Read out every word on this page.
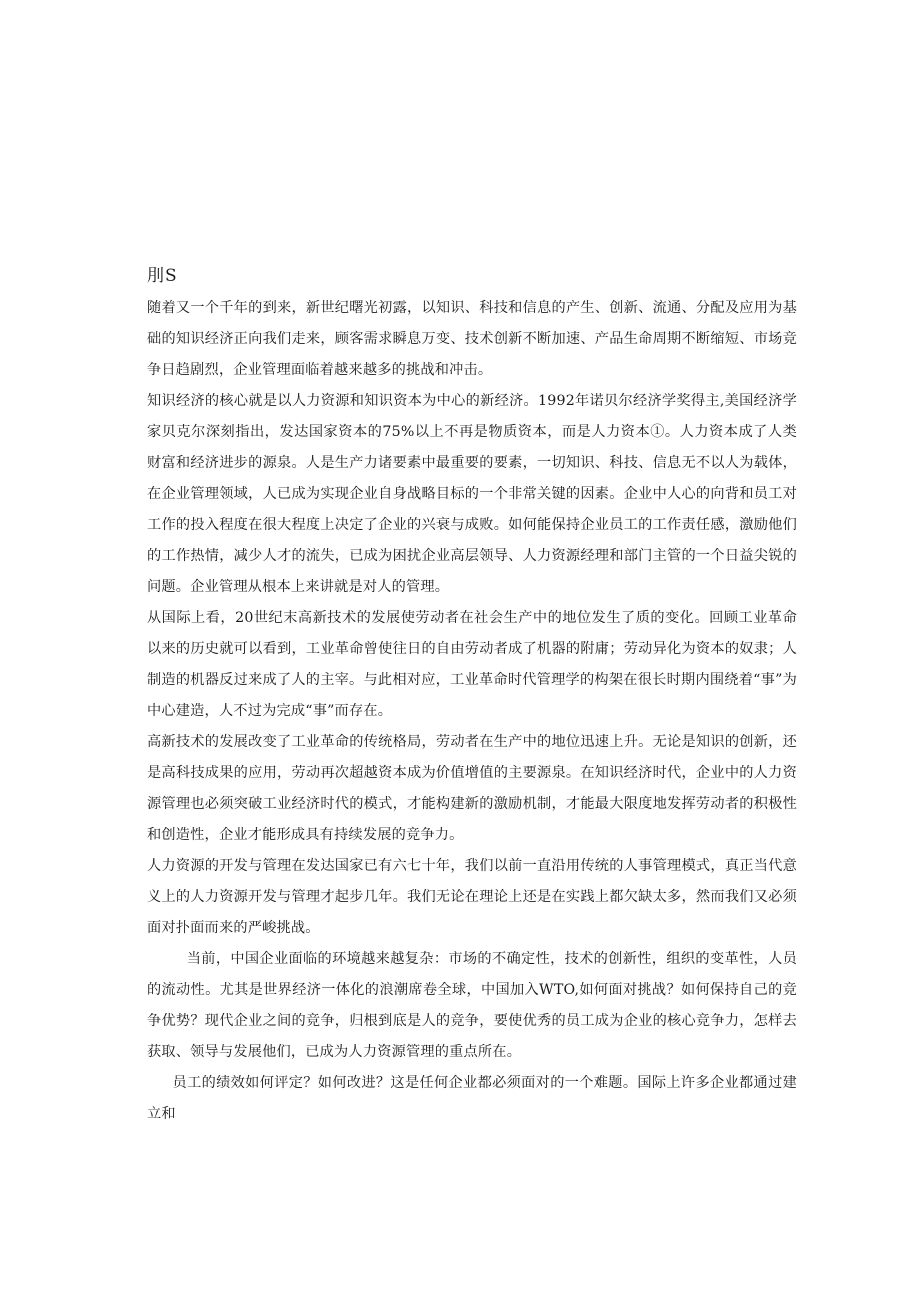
刖S

随着又一个千年的到来，新世纪曙光初露，以知识、科技和信息的产生、创新、流通、分配及应用为基础的知识经济正向我们走来，顾客需求瞬息万变、技术创新不断加速、产品生命周期不断缩短、市场竞争日趋剧烈，企业管理面临着越来越多的挑战和冲击。

知识经济的核心就是以人力资源和知识资本为中心的新经济。1992年诺贝尔经济学奖得主,美国经济学家贝克尔深刻指出，发达国家资本的75%以上不再是物质资本，而是人力资本①。人力资本成了人类财富和经济进步的源泉。人是生产力诸要素中最重要的要素，一切知识、科技、信息无不以人为载体，在企业管理领域，人已成为实现企业自身战略目标的一个非常关键的因素。企业中人心的向背和员工对工作的投入程度在很大程度上决定了企业的兴衰与成败。如何能保持企业员工的工作责任感，激励他们的工作热情，减少人才的流失，已成为困扰企业高层领导、人力资源经理和部门主管的一个日益尖锐的问题。企业管理从根本上来讲就是对人的管理。

从国际上看，20世纪末高新技术的发展使劳动者在社会生产中的地位发生了质的变化。回顾工业革命以来的历史就可以看到，工业革命曾使往日的自由劳动者成了机器的附庸；劳动异化为资本的奴隶；人制造的机器反过来成了人的主宰。与此相对应，工业革命时代管理学的构架在很长时期内围绕着“事”为中心建造，人不过为完成“事”而存在。

高新技术的发展改变了工业革命的传统格局，劳动者在生产中的地位迅速上升。无论是知识的创新，还是高科技成果的应用，劳动再次超越资本成为价值增值的主要源泉。在知识经济时代，企业中的人力资源管理也必须突破工业经济时代的模式，才能构建新的激励机制，才能最大限度地发挥劳动者的积极性和创造性，企业才能形成具有持续发展的竞争力。

人力资源的开发与管理在发达国家已有六七十年，我们以前一直沿用传统的人事管理模式，真正当代意义上的人力资源开发与管理才起步几年。我们无论在理论上还是在实践上都欠缺太多，然而我们又必须面对扑面而来的严峻挑战。

当前，中国企业面临的环境越来越复杂：市场的不确定性，技术的创新性，组织的变革性，人员的流动性。尤其是世界经济一体化的浪潮席卷全球，中国加入WTO,如何面对挑战？如何保持自己的竞争优势？现代企业之间的竞争，归根到底是人的竞争，要使优秀的员工成为企业的核心竞争力，怎样去获取、领导与发展他们，已成为人力资源管理的重点所在。

员工的绩效如何评定？如何改进？这是任何企业都必须面对的一个难题。国际上许多企业都通过建立和
